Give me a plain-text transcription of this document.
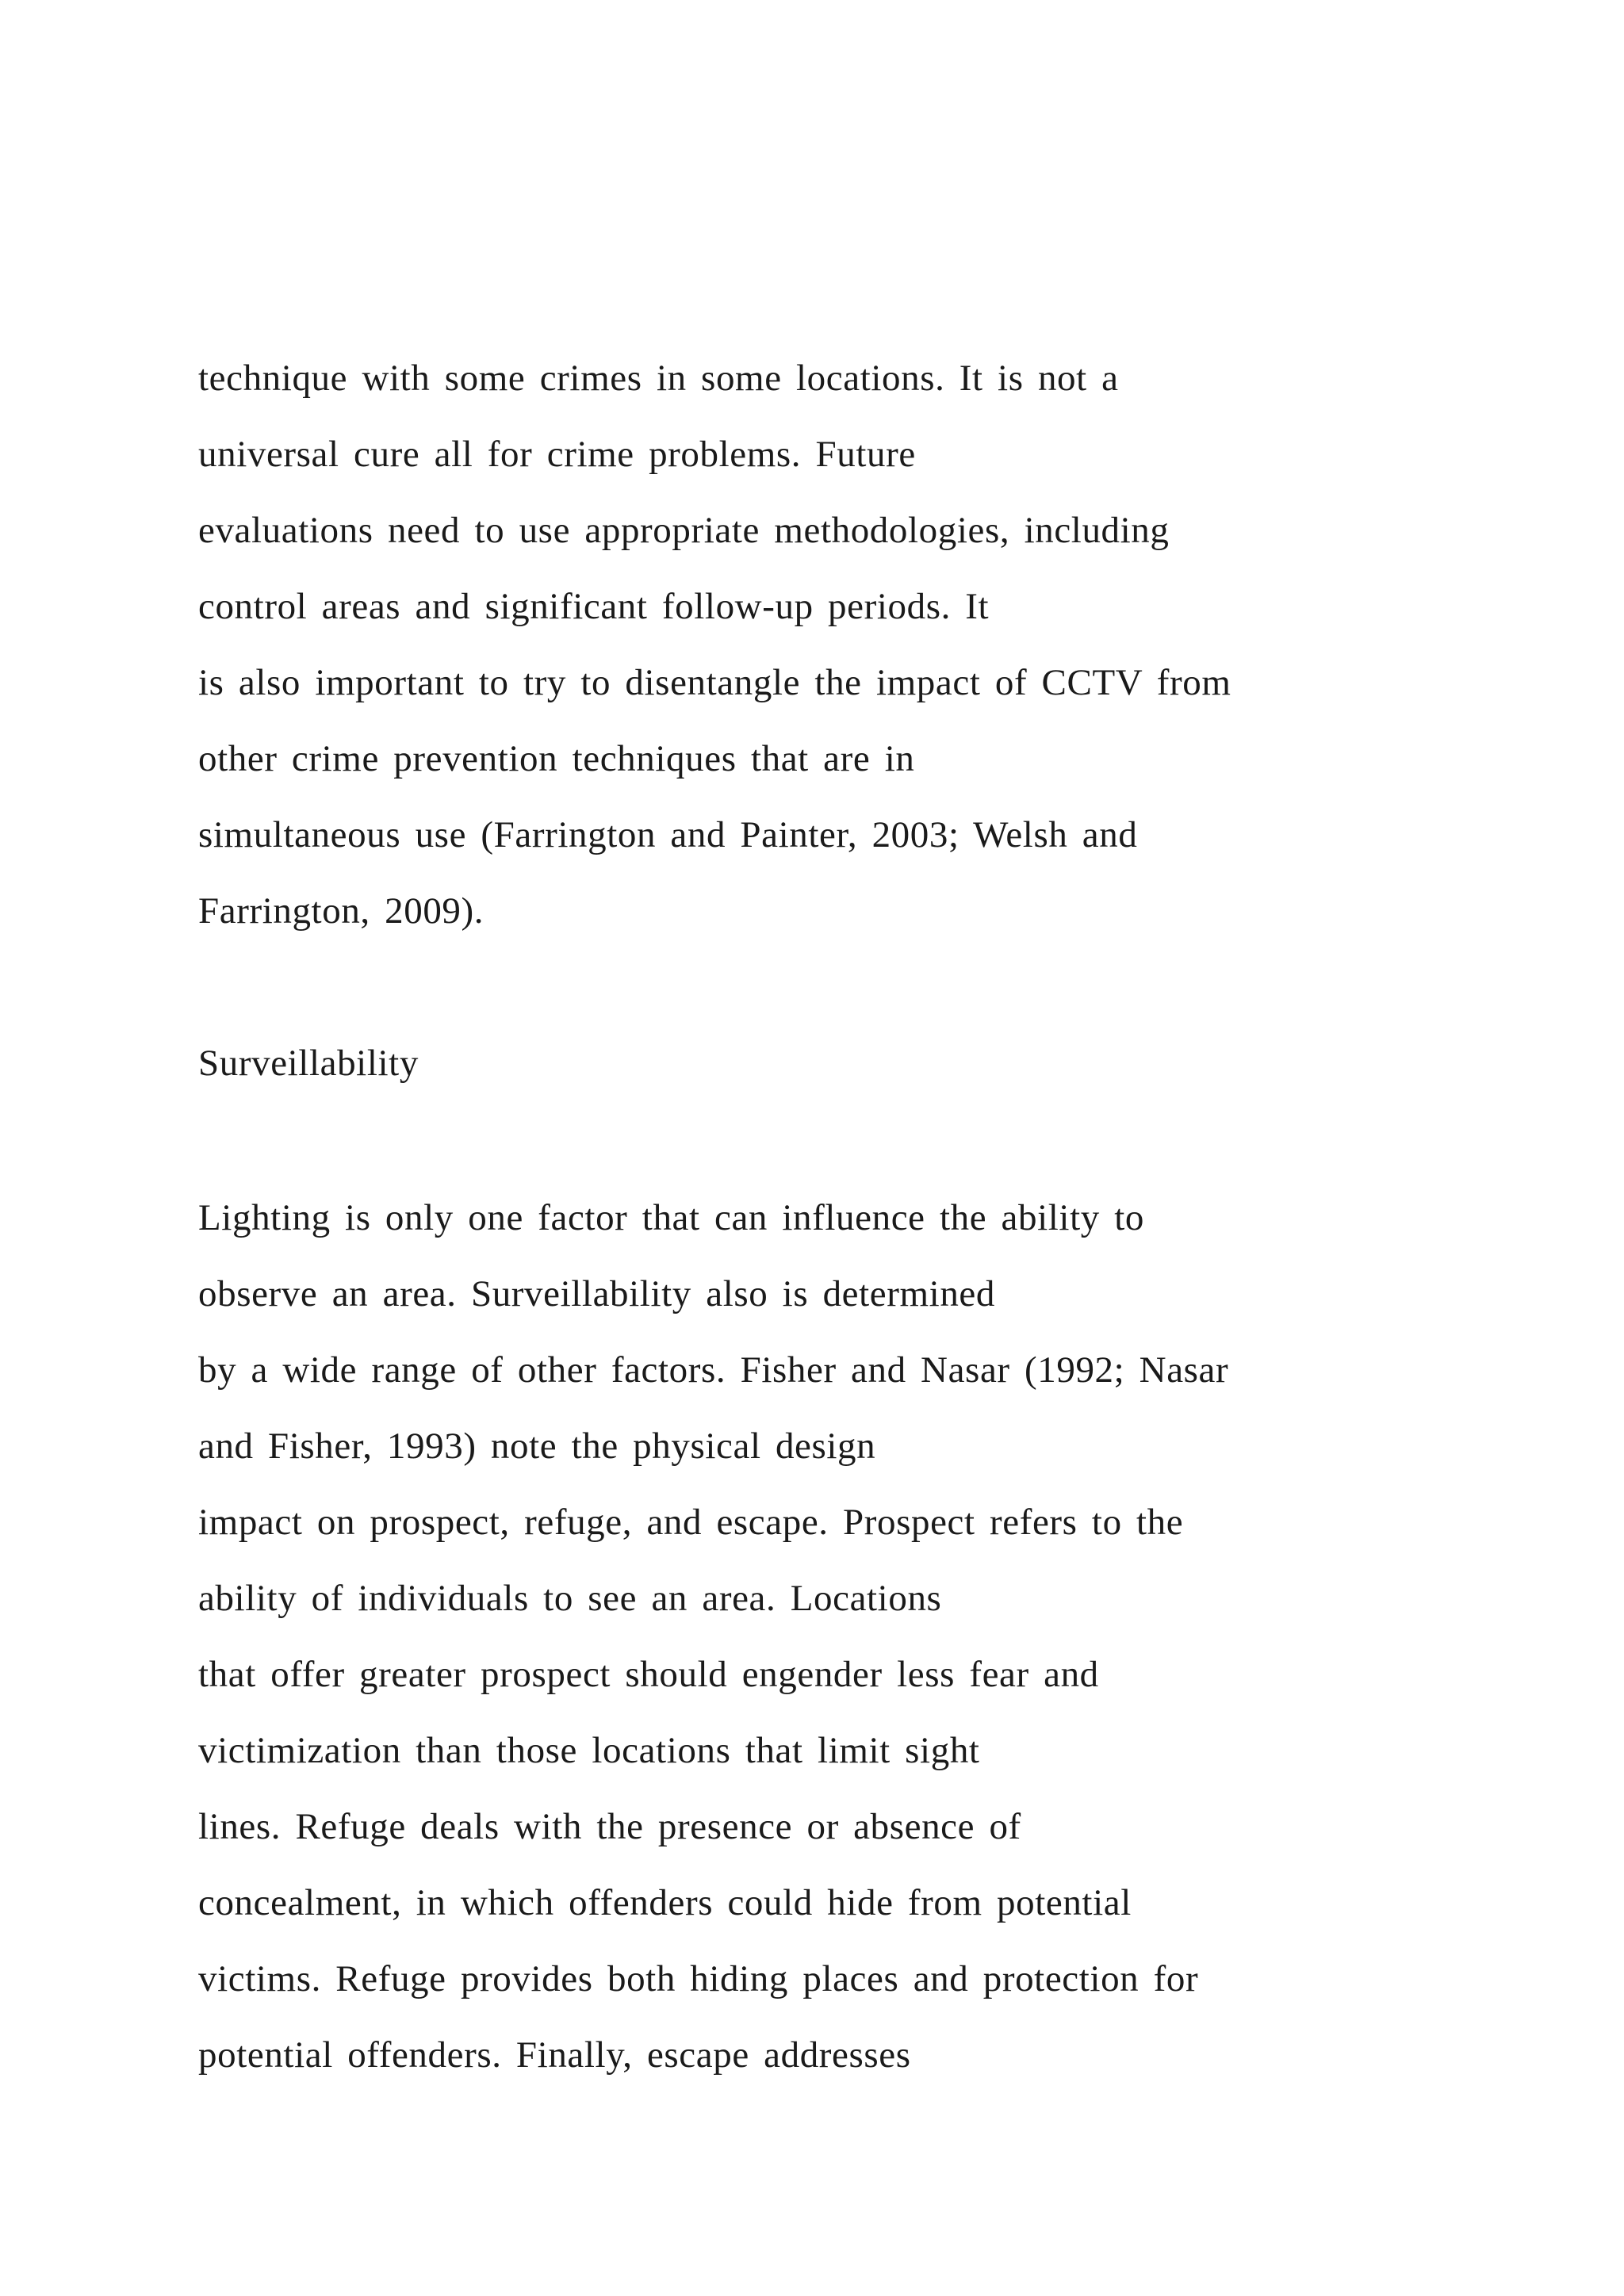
technique with some crimes in some locations. It is not a
universal cure all for crime problems. Future
evaluations need to use appropriate methodologies, including
control areas and significant follow-up periods. It
is also important to try to disentangle the impact of CCTV from
other crime prevention techniques that are in
simultaneous use (Farrington and Painter, 2003; Welsh and
Farrington, 2009).
Surveillability
Lighting is only one factor that can influence the ability to
observe an area. Surveillability also is determined
by a wide range of other factors. Fisher and Nasar (1992; Nasar
and Fisher, 1993) note the physical design
impact on prospect, refuge, and escape. Prospect refers to the
ability of individuals to see an area. Locations
that offer greater prospect should engender less fear and
victimization than those locations that limit sight
lines. Refuge deals with the presence or absence of
concealment, in which offenders could hide from potential
victims. Refuge provides both hiding places and protection for
potential offenders. Finally, escape addresses
